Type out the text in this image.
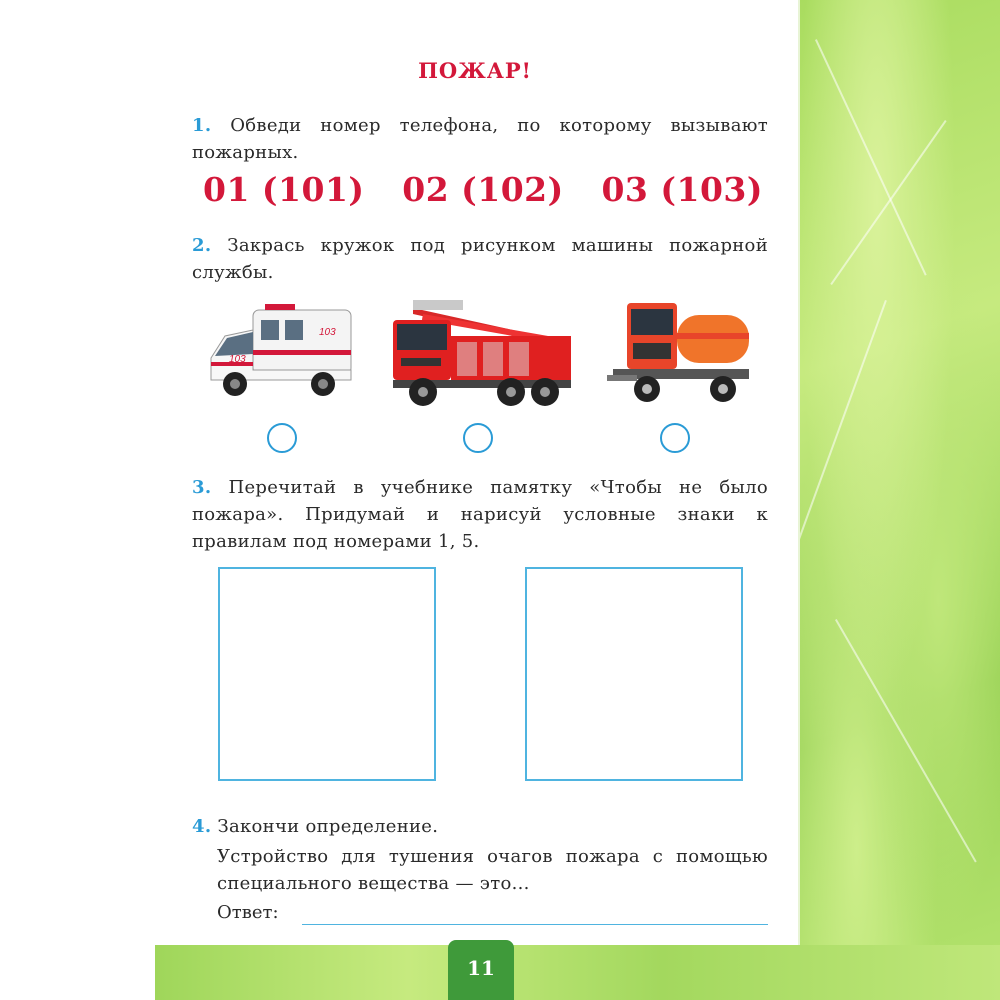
ПОЖАР!
1. Обведи номер телефона, по которому вызывают пожарных.
01 (101) 02 (102) 03 (103)
2. Закрась кружок под рисунком машины пожарной службы.
103
103
3. Перечитай в учебнике памятку «Чтобы не было пожара». Придумай и нарисуй условные знаки к правилам под номерами 1, 5.
4. Закончи определение.
Устройство для тушения очагов пожара с помощью специального вещества — это...
Ответ:
11
